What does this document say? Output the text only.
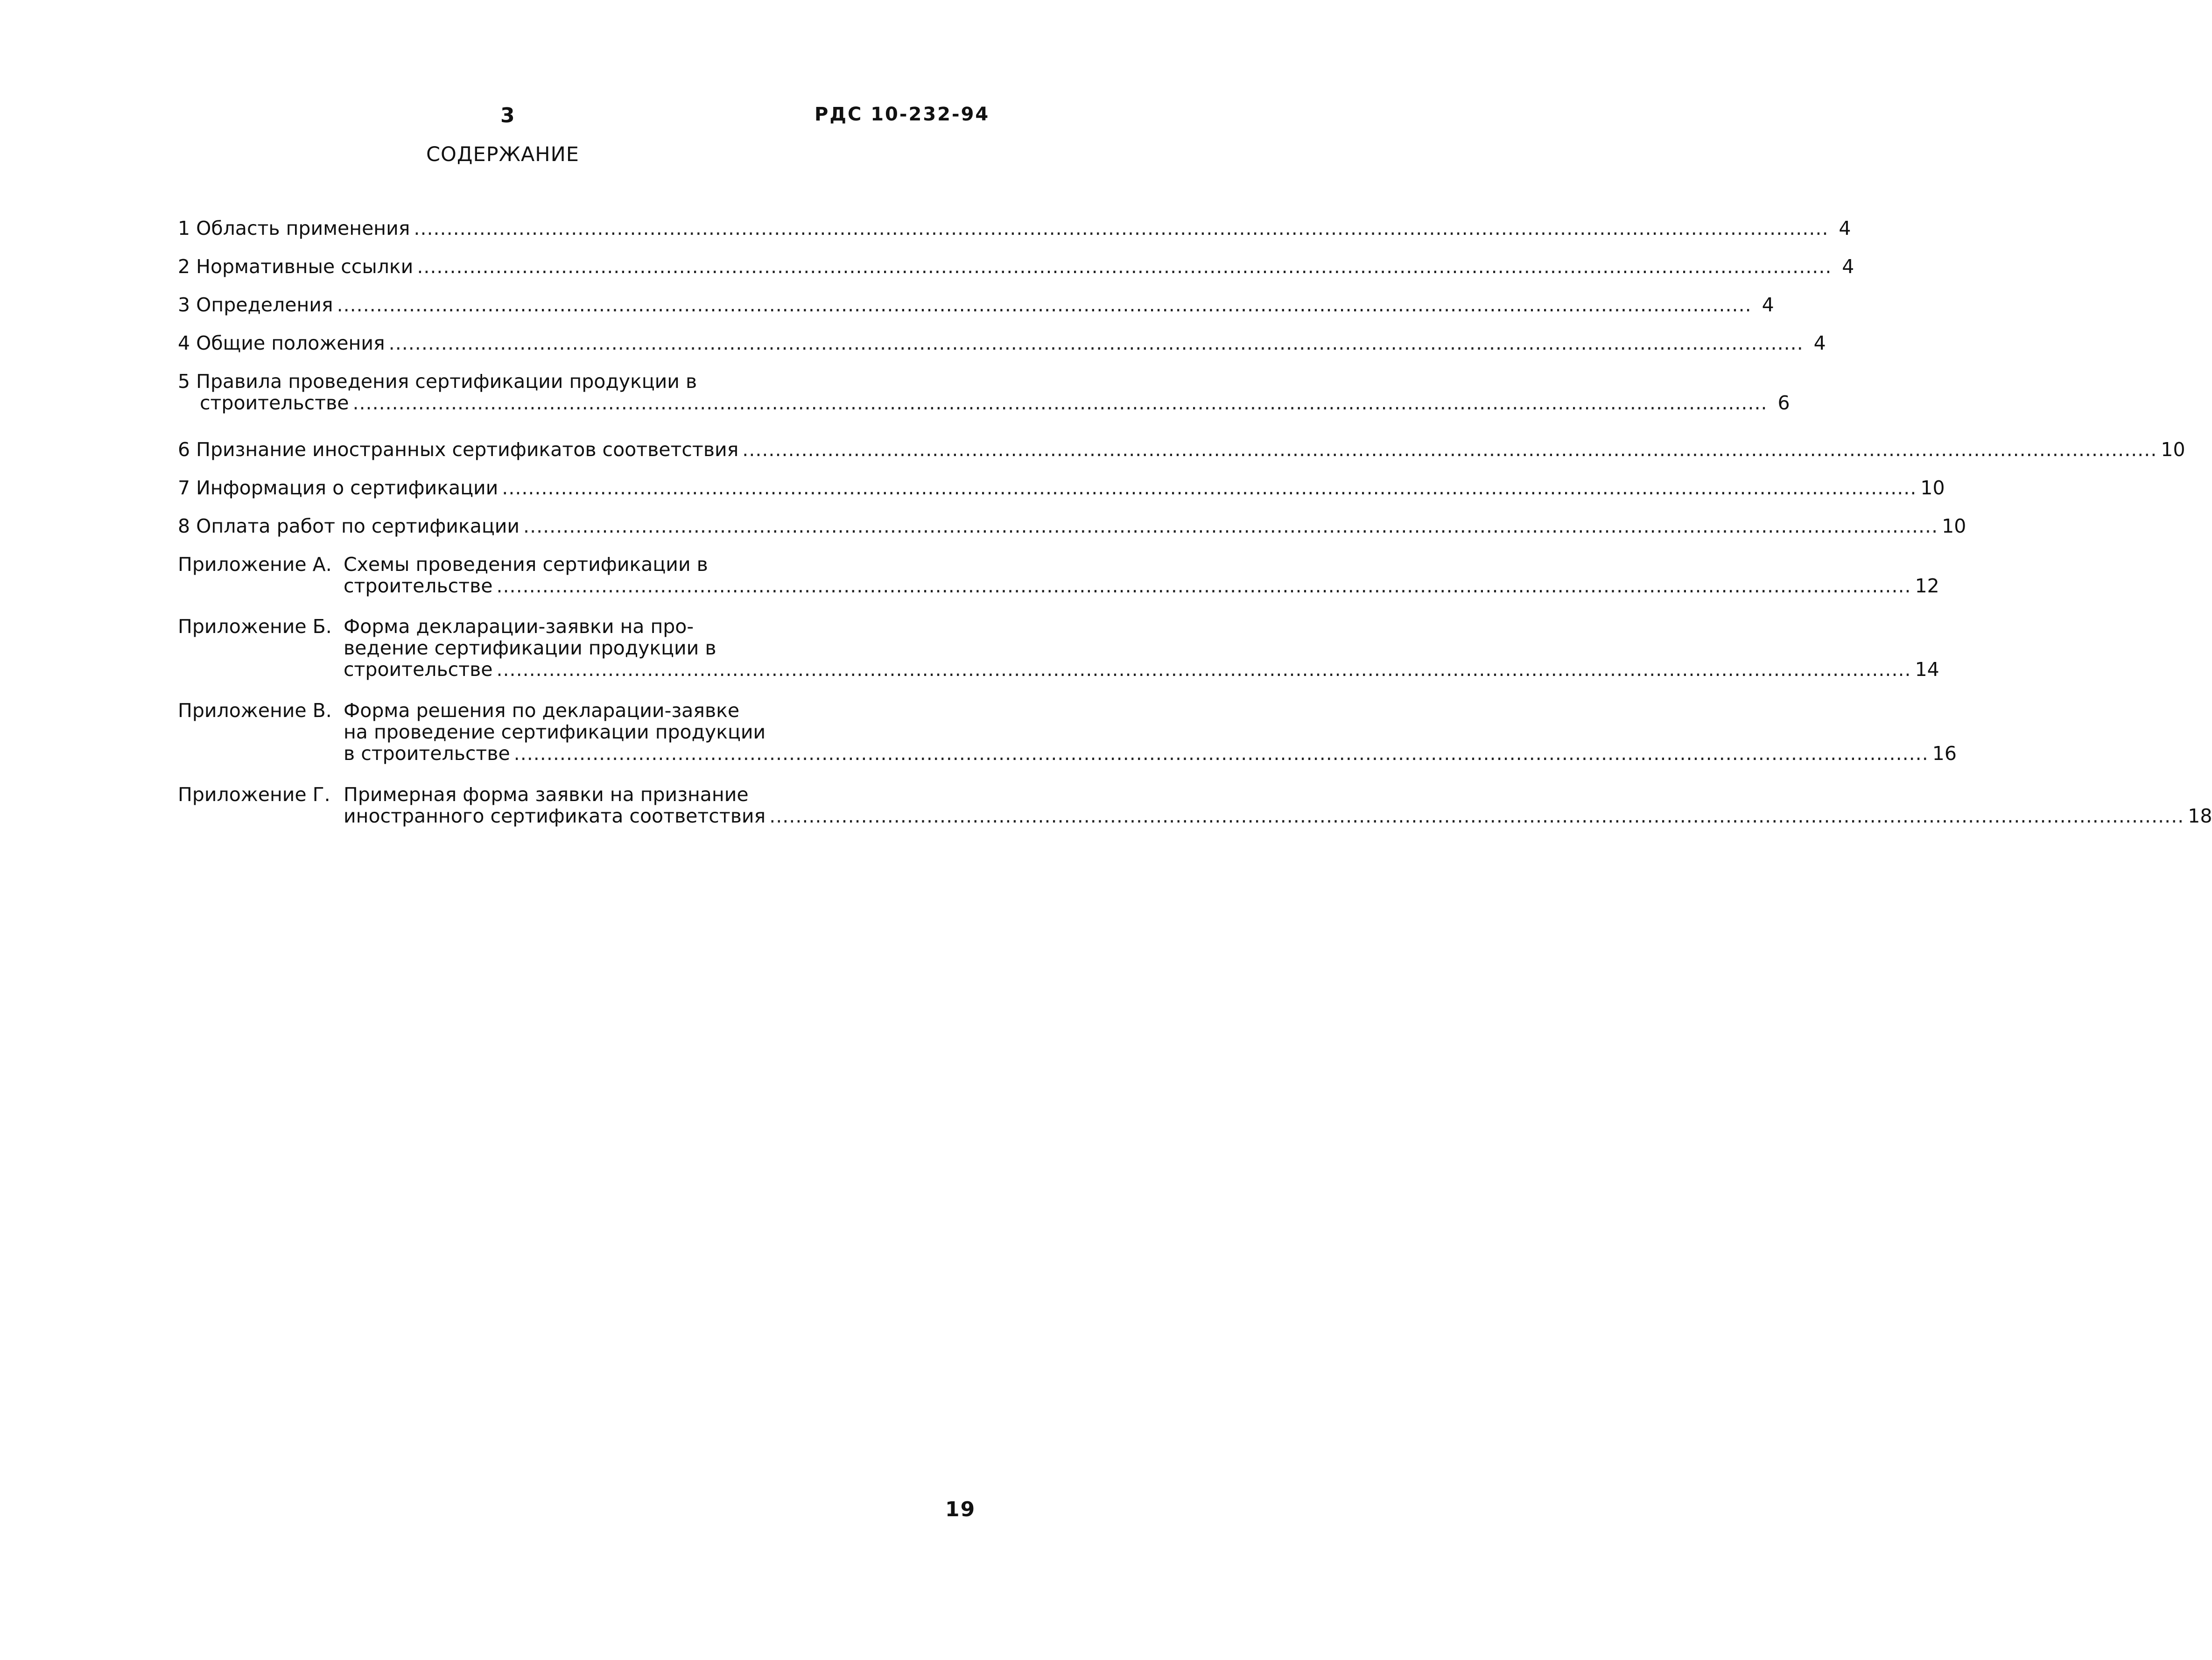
3	РДС 10-232-94
СОДЕРЖАНИЕ
1 Область применения .....	4
2 Нормативные ссылки .....	4
3 Определения .....	4
4 Общие положения .....	4
5 Правила проведения сертификации продукции в
строительстве .....	6
6 Признание иностранных сертификатов соответствия .....	10
7 Информация о сертификации .....	10
8 Оплата работ по сертификации .....	10
Приложение А. Схемы проведения сертификации в
строительстве .....	12
Приложение Б. Форма декларации-заявки на про-
ведение сертификации продукции в
строительстве .....	14
Приложение В. Форма решения по декларации-заявке
на проведение сертификации продукции
в строительстве .....	16
Приложение Г. Примерная форма заявки на признание
иностранного сертификата соответствия .....	18
19
